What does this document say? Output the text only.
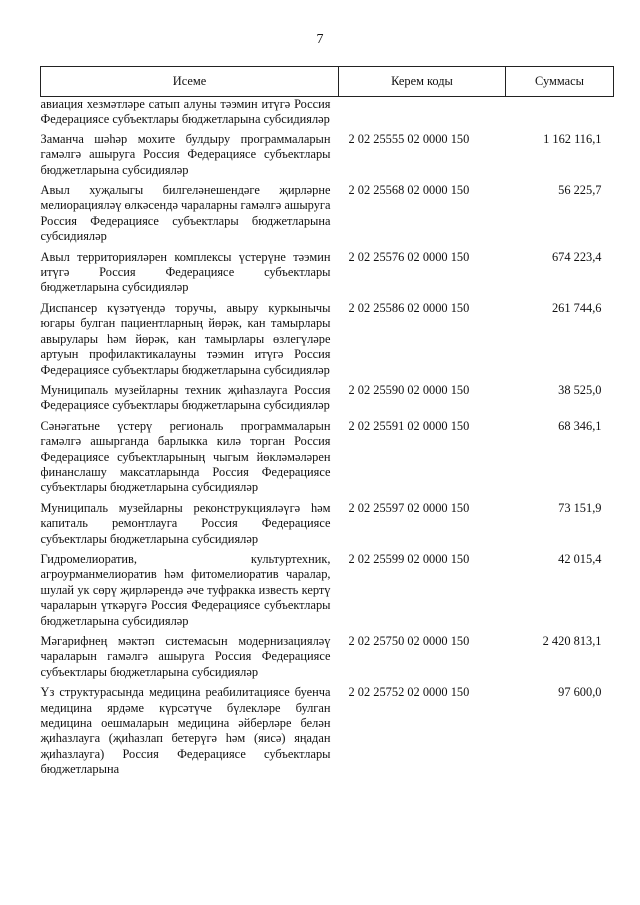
7
Исеме	Керем коды	Суммасы
авиация хезмәтләре сатып алуны тәэмин итүгә Россия Федерациясе субъектлары бюджетларына субсидияләр		
Заманча шәһәр мохите булдыру программаларын гамәлгә ашыруга Россия Федерациясе субъектлары бюджетларына субсидияләр	2 02 25555 02 0000 150	1 162 116,1
Авыл хуҗалыгы билгеләнешендәге җирләрне мелиорацияләү өлкәсендә чараларны гамәлгә ашыруга Россия Федерациясе субъектлары бюджетларына субсидияләр	2 02 25568 02 0000 150	56 225,7
Авыл территорияләрен комплексы үстерүне тәэмин итүгә Россия Федерациясе субъектлары бюджетларына субсидияләр	2 02 25576 02 0000 150	674 223,4
Диспансер күзәтүендә торучы, авыру куркынычы югары булган пациентларның йөрәк, кан тамырлары авырулары һәм йөрәк, кан тамырлары өзлегүләре артуын профилактикалауны тәэмин итүгә Россия Федерациясе субъектлары бюджетларына субсидияләр	2 02 25586 02 0000 150	261 744,6
Муниципаль музейларны техник җиһазлауга Россия Федерациясе субъектлары бюджетларына субсидияләр	2 02 25590 02 0000 150	38 525,0
Сәнәгатьне үстерү региональ программаларын гамәлгә ашырганда барлыкка килә торган Россия Федерациясе субъектларының чыгым йөкләмәләрен финанслашу максатларында Россия Федерациясе субъектлары бюджетларына субсидияләр	2 02 25591 02 0000 150	68 346,1
Муниципаль музейларны реконструкцияләүгә һәм капиталь ремонтлауга Россия Федерациясе субъектлары бюджетларына субсидияләр	2 02 25597 02 0000 150	73 151,9
Гидромелиоратив, культуртехник, агроурманмелиоратив һәм фитомелиоратив чаралар, шулай ук сөрү җирләрендә әче туфракка известь кертү чараларын үткәрүгә Россия Федерациясе субъектлары бюджетларына субсидияләр	2 02 25599 02 0000 150	42 015,4
Мәгарифнең мәктәп системасын модернизацияләү чараларын гамәлгә ашыруга Россия Федерациясе субъектлары бюджетларына субсидияләр	2 02 25750 02 0000 150	2 420 813,1
Үз структурасында медицина реабилитациясе буенча медицина ярдәме күрсәтүче бүлекләре булган медицина оешмаларын медицина әйберләре белән җиһазлауга (җиһазлап бетерүгә һәм (яисә) яңадан җиһазлауга) Россия Федерациясе субъектлары бюджетларына	2 02 25752 02 0000 150	97 600,0
